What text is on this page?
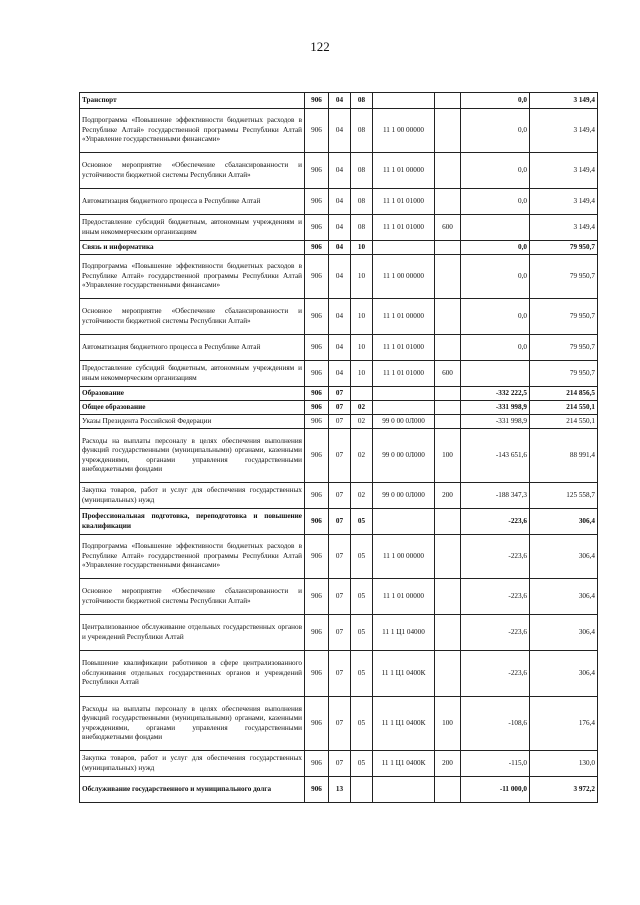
122
Транспорт	906	04	08			0,0	3 149,4
Подпрограмма «Повышение эффективности бюджетных расходов в Республике Алтай» государственной программы Республики Алтай «Управление государственными финансами»	906	04	08	11 1 00 00000		0,0	3 149,4
Основное мероприятие «Обеспечение сбалансированности и устойчивости бюджетной системы Республики Алтай»	906	04	08	11 1 01 00000		0,0	3 149,4
Автоматизация бюджетного процесса в Республике Алтай	906	04	08	11 1 01 01000		0,0	3 149,4
Предоставление субсидий бюджетным, автономным учреждениям и иным некоммерческим организациям	906	04	08	11 1 01 01000	600		3 149,4
Связь и информатика	906	04	10			0,0	79 950,7
Подпрограмма «Повышение эффективности бюджетных расходов в Республике Алтай» государственной программы Республики Алтай «Управление государственными финансами»	906	04	10	11 1 00 00000		0,0	79 950,7
Основное мероприятие «Обеспечение сбалансированности и устойчивости бюджетной системы Республики Алтай»	906	04	10	11 1 01 00000		0,0	79 950,7
Автоматизация бюджетного процесса в Республике Алтай	906	04	10	11 1 01 01000		0,0	79 950,7
Предоставление субсидий бюджетным, автономным учреждениям и иным некоммерческим организациям	906	04	10	11 1 01 01000	600		79 950,7
Образование	906	07				-332 222,5	214 856,5
Общее образование	906	07	02			-331 998,9	214 550,1
Указы Президента Российской Федерации	906	07	02	99 0 00 0Л000		-331 998,9	214 550,1
Расходы на выплаты персоналу в целях обеспечения выполнения функций государственными (муниципальными) органами, казенными учреждениями, органами управления государственными внебюджетными фондами	906	07	02	99 0 00 0Л000	100	-143 651,6	88 991,4
Закупка товаров, работ и услуг для обеспечения государственных (муниципальных) нужд	906	07	02	99 0 00 0Л000	200	-188 347,3	125 558,7
Профессиональная подготовка, переподготовка и повышение квалификации	906	07	05			-223,6	306,4
Подпрограмма «Повышение эффективности бюджетных расходов в Республике Алтай» государственной программы Республики Алтай «Управление государственными финансами»	906	07	05	11 1 00 00000		-223,6	306,4
Основное мероприятие «Обеспечение сбалансированности и устойчивости бюджетной системы Республики Алтай»	906	07	05	11 1 01 00000		-223,6	306,4
Централизованное обслуживание отдельных государственных органов и учреждений Республики Алтай	906	07	05	11 1 Ц1 04000		-223,6	306,4
Повышение квалификации работников в сфере централизованного обслуживания отдельных государственных органов и учреждений Республики Алтай	906	07	05	11 1 Ц1 0400К		-223,6	306,4
Расходы на выплаты персоналу в целях обеспечения выполнения функций государственными (муниципальными) органами, казенными учреждениями, органами управления государственными внебюджетными фондами	906	07	05	11 1 Ц1 0400К	100	-108,6	176,4
Закупка товаров, работ и услуг для обеспечения государственных (муниципальных) нужд	906	07	05	11 1 Ц1 0400К	200	-115,0	130,0
Обслуживание государственного и муниципального долга	906	13				-11 000,0	3 972,2
